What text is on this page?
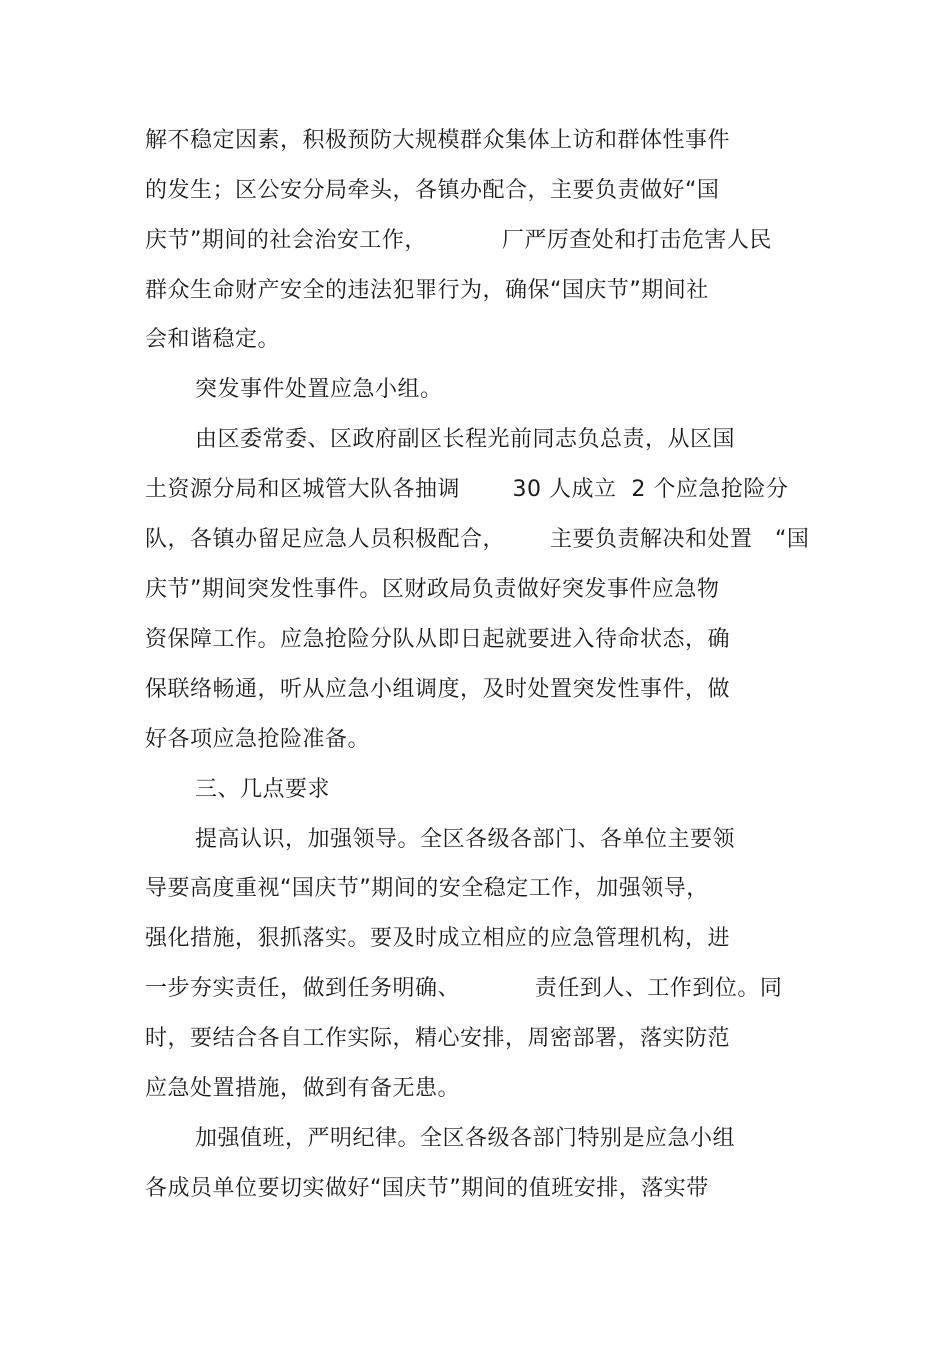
解不稳定因素，积极预防大规模群众集体上访和群体性事件
的发生；区公安分局牵头，各镇办配合，主要负责做好“国
庆节”期间的社会治安工作，          厂严厉查处和打击危害人民
群众生命财产安全的违法犯罪行为，确保“国庆节”期间社
会和谐稳定。
突发事件处置应急小组。
由区委常委、区政府副区长程光前同志负总责，从区国
土资源分局和区城管大队各抽调       30 人成立  2 个应急抢险分
队，各镇办留足应急人员积极配合，      主要负责解决和处置   “国
庆节”期间突发性事件。区财政局负责做好突发事件应急物
资保障工作。应急抢险分队从即日起就要进入待命状态，确
保联络畅通，听从应急小组调度，及时处置突发性事件，做
好各项应急抢险准备。
三、几点要求
提高认识，加强领导。全区各级各部门、各单位主要领
导要高度重视“国庆节”期间的安全稳定工作，加强领导，
强化措施，狠抓落实。要及时成立相应的应急管理机构，进
一步夯实责任，做到任务明确、          责任到人、工作到位。同
时，要结合各自工作实际，精心安排，周密部署，落实防范
应急处置措施，做到有备无患。
加强值班，严明纪律。全区各级各部门特别是应急小组
各成员单位要切实做好“国庆节”期间的值班安排，落实带
